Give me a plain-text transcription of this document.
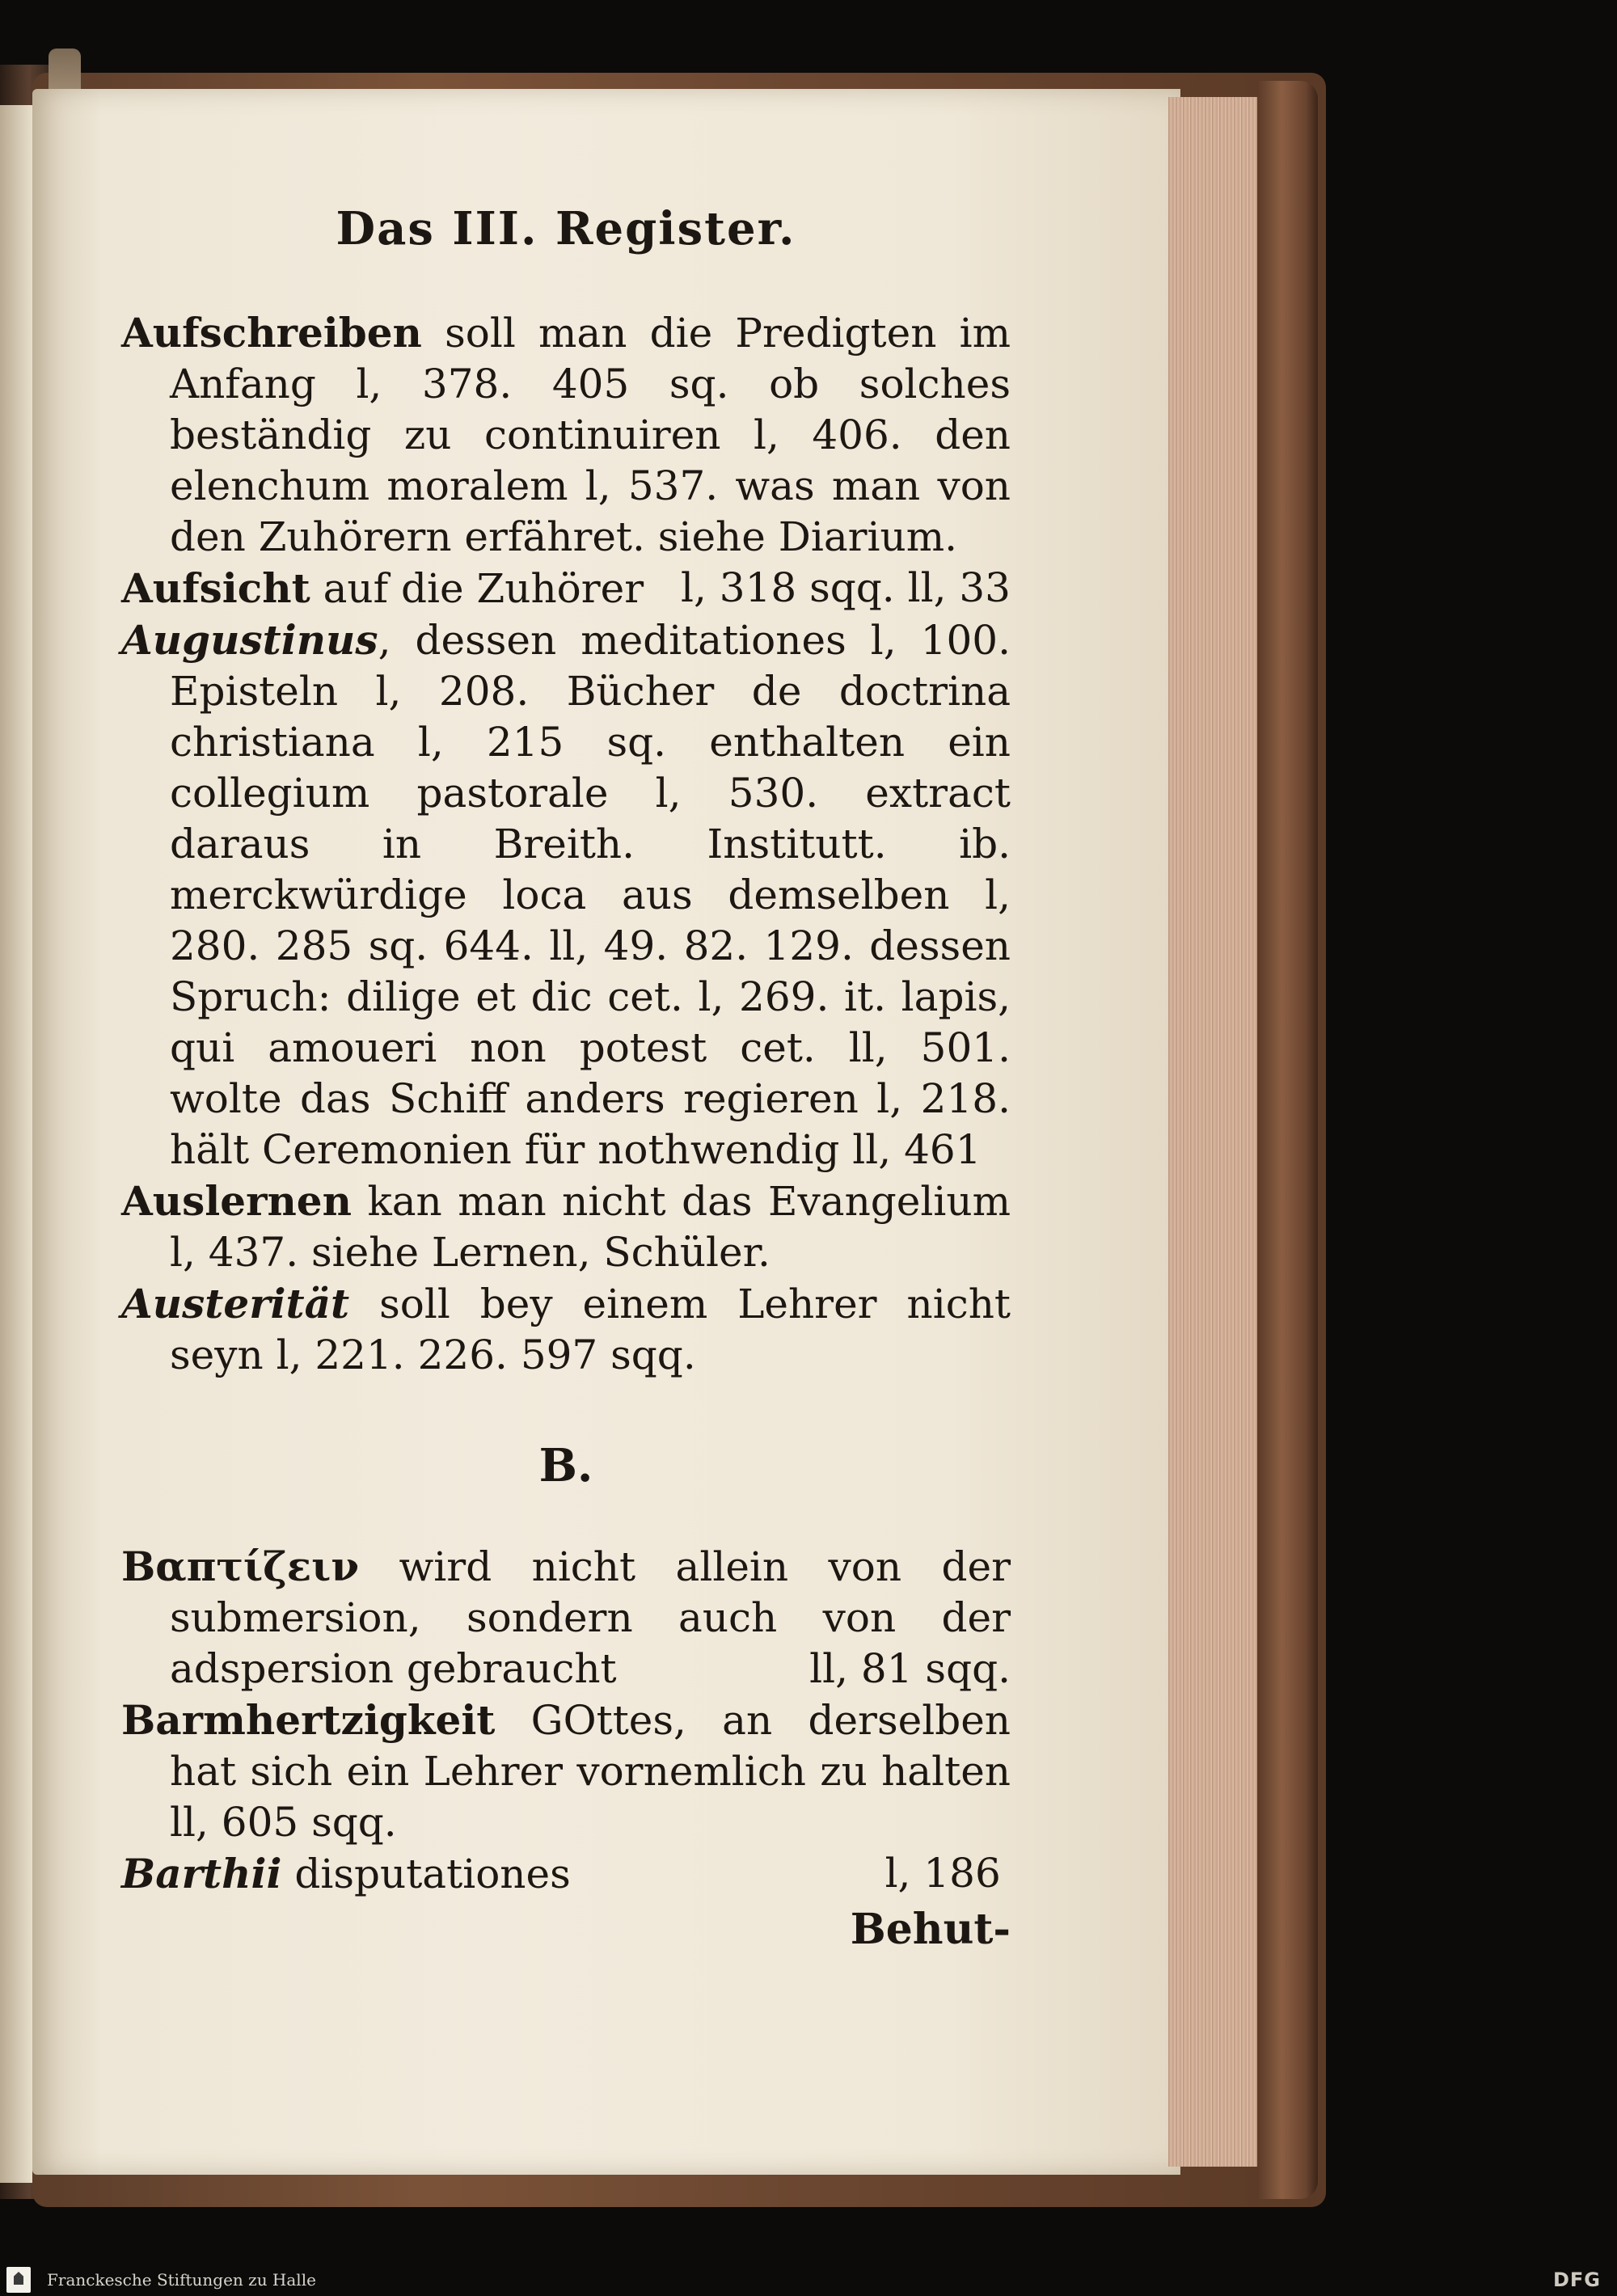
Das III. Register.
Aufschreiben soll man die Predigten im Anfang l, 378. 405 sq. ob solches beständig zu continuiren l, 406. den elenchum moralem l, 537. was man von den Zuhörern erfähret. siehe Diarium.
Aufsicht auf die Zuhörer l, 318 sqq. ll, 33
Augustinus, dessen meditationes l, 100. Episteln l, 208. Bücher de doctrina christiana l, 215 sq. enthalten ein collegium pastorale l, 530. extract daraus in Breith. Institutt. ib. merckwürdige loca aus demselben l, 280. 285 sq. 644. ll, 49. 82. 129. dessen Spruch: dilige et dic cet. l, 269. it. lapis, qui amoueri non potest cet. ll, 501. wolte das Schiff anders regieren l, 218. hält Ceremonien für nothwendig ll, 461
Auslernen kan man nicht das Evangelium l, 437. siehe Lernen, Schüler.
Austerität soll bey einem Lehrer nicht seyn l, 221. 226. 597 sqq.
B.
Βαπτίζειν wird nicht allein von der submersion, sondern auch von der adspersion gebraucht	ll, 81 sqq.
Barmhertzigkeit GOttes, an derselben hat sich ein Lehrer vornemlich zu halten ll, 605 sqq.
Barthii disputationes	l, 186
Behut-
Franckesche Stiftungen zu Halle	DFG
